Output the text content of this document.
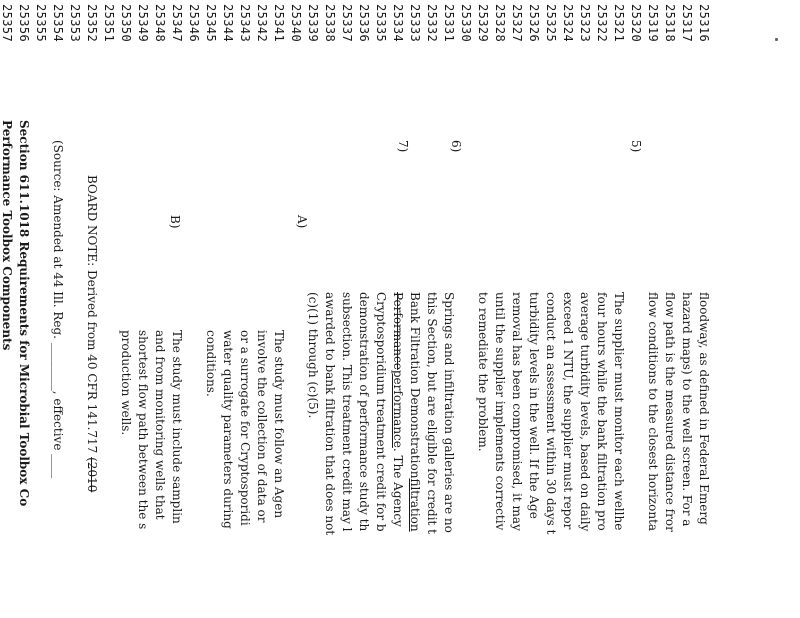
25316
25317
25318
25319
25320
25321
25322
25323
25324
25325
25326
25327
25328
25329
25330
25331
25332
25333
25334
25335
25336
25337
25338
25339
25340
25341
25342
25343
25344
25345
25346
25347
25348
25349
25350
25351
25352
25353
25354
25355
25356
25357
5)
6)
7)
A)
B)
floodway, as defined in Federal Emerg
hazard maps) to the well screen. For a
flow path is the measured distance fror
flow conditions to the closest horizonta
The supplier must monitor each wellhe
four hours while the bank filtration pro
average turbidity levels, based on daily
exceed 1 NTU, the supplier must repor
conduct an assessment within 30 days t
turbidity levels in the well. If the Age
removal has been compromised, it may
until the supplier implements correctiv
to remediate the problem.
Springs and infiltration galleries are no
this Section, but are eligible for credit t
Bank Filtration Demonstrationfiltration
Performanceperformance. The Agency
Cryptosporidium treatment credit for b
demonstration of performance study th
subsection. This treatment credit may l
awarded to bank filtration that does not
(c)(1) through (c)(5).
The study must follow an Agen
involve the collection of data or
or a surrogate for Cryptosporidi
water quality parameters during
conditions.
The study must include samplin
and from monitoring wells that
shortest flow path between the s
production wells.
BOARD NOTE: Derived from 40 CFR 141.717 (2010
(Source: Amended at 44 Ill. Reg. ________, effective ____
Section 611.1018 Requirements for Microbial Toolbox Co
Performance Toolbox Components
